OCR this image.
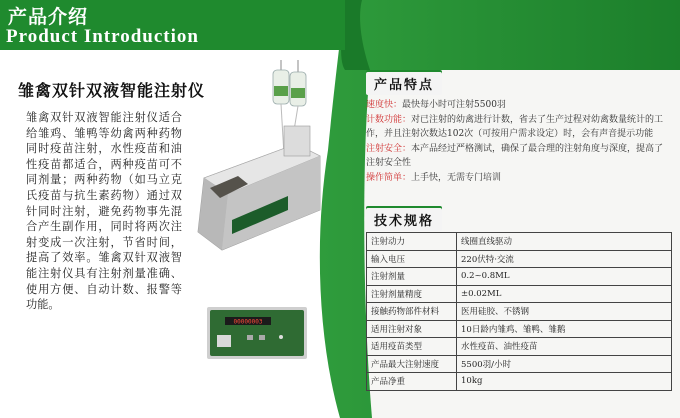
产品介绍
Product Introduction
雏禽双针双液智能注射仪
雏禽双针双液智能注射仪适合给雏鸡、雏鸭等幼禽两种药物同时疫苗注射，水性疫苗和油性疫苗都适合，两种疫苗可不同剂量；两种药物（如马立克氏疫苗与抗生素药物）通过双针同时注射，避免药物事先混合产生副作用，同时将两次注射变成一次注射，节省时间，提高了效率。雏禽双针双液智能注射仪具有注射剂量准确、使用方便、自动计数、报警等功能。
00000003
产品特点

速度快：最快每小时可注射5500羽

计数功能：对已注射的幼禽进行计数，省去了生产过程对幼禽数量统计的工作，并且注射次数达102次（可按用户需求设定）时，会有声音提示功能

注射安全：本产品经过严格测试，确保了最合理的注射角度与深度，提高了注射安全性

操作简单：上手快，无需专门培训

技术规格
注射动力	线圈直线驱动
输入电压	220伏特·交流
注射剂量	0.2~0.8ML
注射剂量精度	±0.02ML
接触药物部件材料	医用硅胶、不锈钢
适用注射对象	10日龄内雏鸡、雏鸭、雏鹅
适用疫苗类型	水性疫苗、油性疫苗
产品最大注射速度	5500羽/小时
产品净重	10kg
